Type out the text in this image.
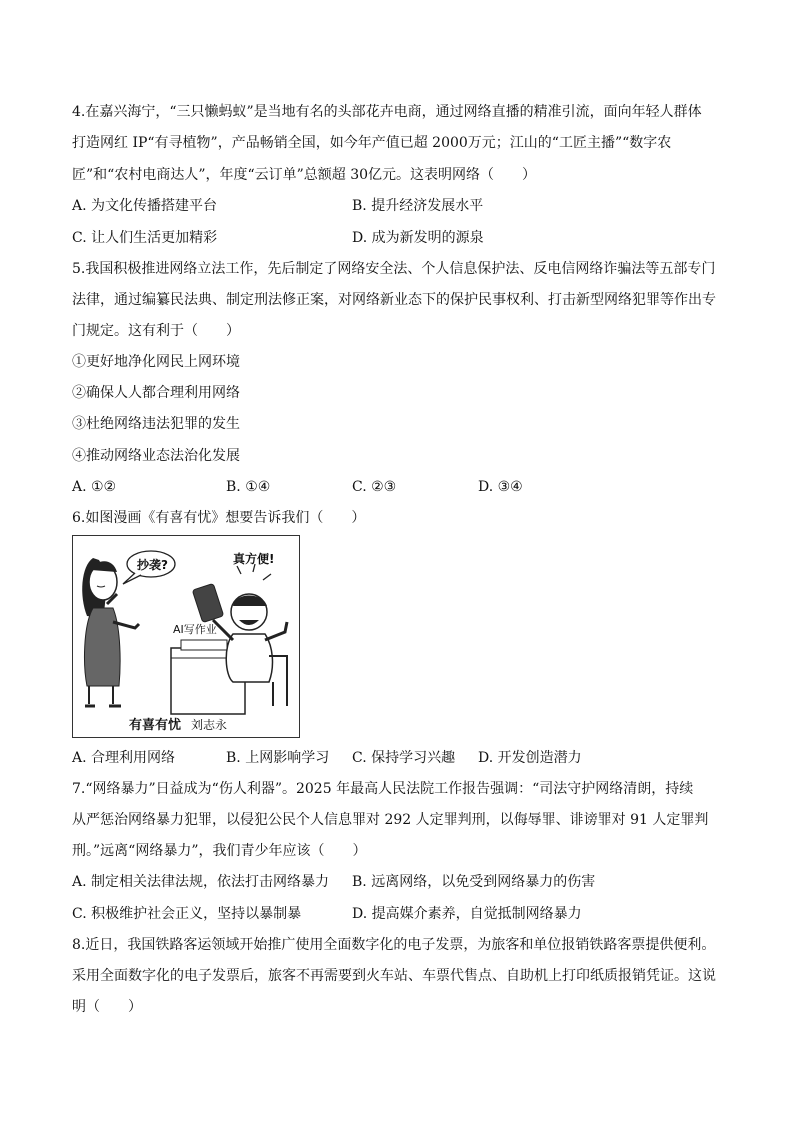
4.在嘉兴海宁，“三只懒蚂蚁”是当地有名的头部花卉电商，通过网络直播的精准引流，面向年轻人群体
打造网红 IP“有寻植物”，产品畅销全国，如今年产值已超 2000万元；江山的“工匠主播”“数字农
匠”和“农村电商达人”，年度“云订单”总额超 30亿元。这表明网络（　　）
A. 为文化传播搭建平台	B. 提升经济发展水平
C. 让人们生活更加精彩	D. 成为新发明的源泉
5.我国积极推进网络立法工作，先后制定了网络安全法、个人信息保护法、反电信网络诈骗法等五部专门
法律，通过编纂民法典、制定刑法修正案，对网络新业态下的保护民事权利、打击新型网络犯罪等作出专
门规定。这有利于（　　）
①更好地净化网民上网环境
②确保人人都合理利用网络
③杜绝网络违法犯罪的发生
④推动网络业态法治化发展
A. ①②	B. ①④	C. ②③	D. ③④
6.如图漫画《有喜有忧》想要告诉我们（　　）
抄袭?	真方便!
AI写作业
有喜有忧 刘志永
A. 合理利用网络	B. 上网影响学习 C. 保持学习兴趣 D. 开发创造潜力
7.“网络暴力”日益成为“伤人利器”。2025 年最高人民法院工作报告强调：“司法守护网络清朗，持续
从严惩治网络暴力犯罪，以侵犯公民个人信息罪对 292 人定罪判刑，以侮辱罪、诽谤罪对 91 人定罪判
刑。”远离“网络暴力”，我们青少年应该（　　）
A. 制定相关法律法规，依法打击网络暴力 B. 远离网络，以免受到网络暴力的伤害
C. 积极维护社会正义，坚持以暴制暴	D. 提高媒介素养，自觉抵制网络暴力
8.近日，我国铁路客运领域开始推广使用全面数字化的电子发票，为旅客和单位报销铁路客票提供便利。
采用全面数字化的电子发票后，旅客不再需要到火车站、车票代售点、自助机上打印纸质报销凭证。这说
明（　　）
